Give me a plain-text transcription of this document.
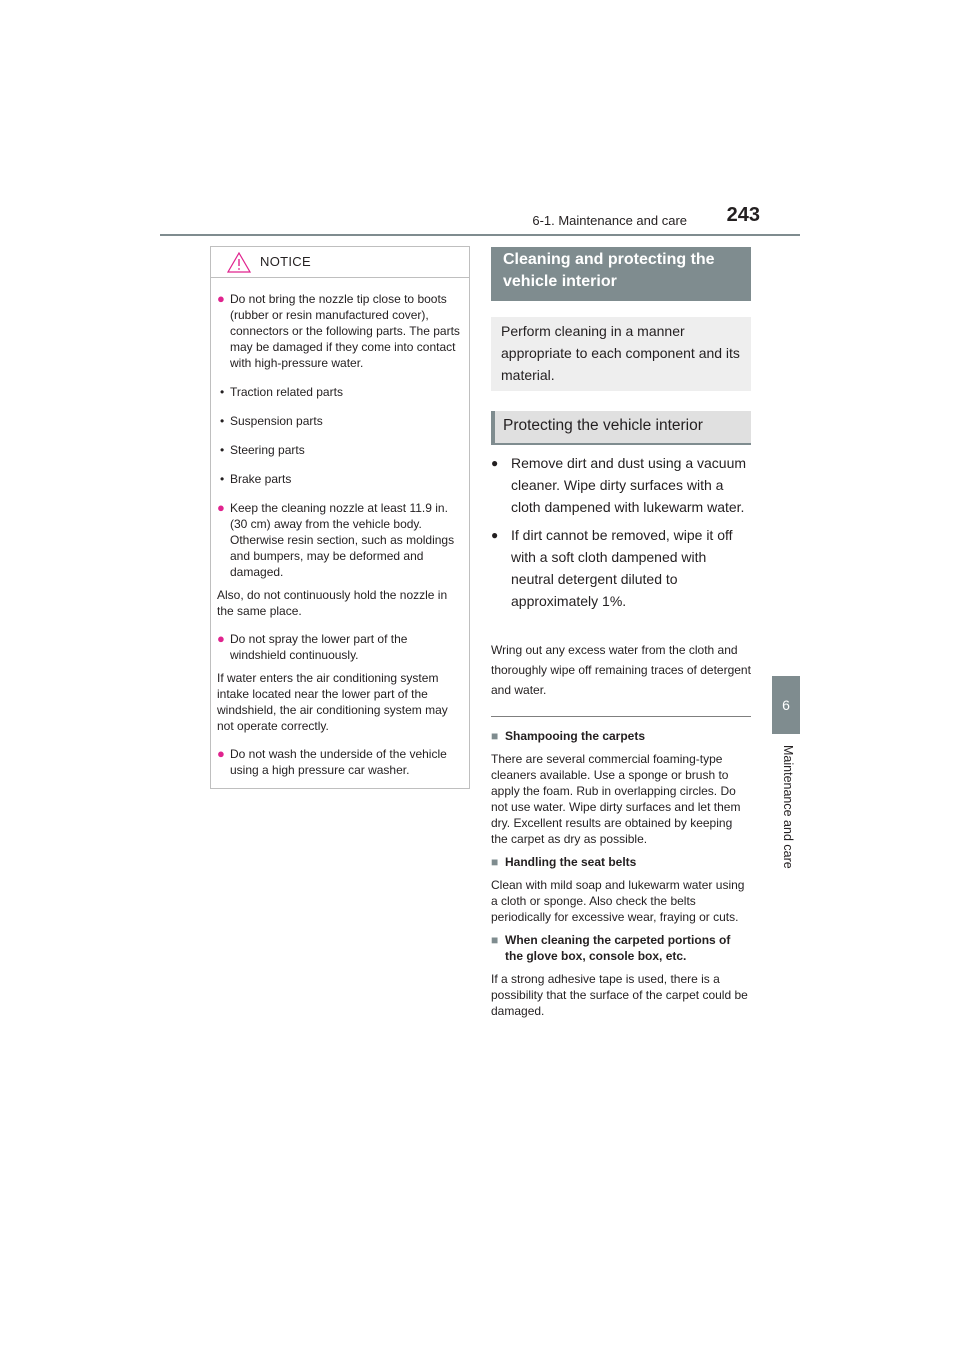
6-1. Maintenance and care 243
6
Maintenance and care
NOTICE
● Do not bring the nozzle tip close to boots (rubber or resin manufactured cover), connectors or the following parts. The parts may be damaged if they come into contact with high-pressure water.
• Traction related parts
• Suspension parts
• Steering parts
• Brake parts
● Keep the cleaning nozzle at least 11.9 in. (30 cm) away from the vehicle body. Otherwise resin section, such as moldings and bumpers, may be deformed and damaged.
Also, do not continuously hold the nozzle in the same place.
● Do not spray the lower part of the windshield continuously.
If water enters the air conditioning system intake located near the lower part of the windshield, the air conditioning system may not operate correctly.
● Do not wash the underside of the vehicle using a high pressure car washer.
Cleaning and protecting the vehicle interior
Perform cleaning in a manner appropriate to each component and its material.
Protecting the vehicle interior
● Remove dirt and dust using a vacuum cleaner. Wipe dirty surfaces with a cloth dampened with lukewarm water.
● If dirt cannot be removed, wipe it off with a soft cloth dampened with neutral detergent diluted to approximately 1%.
Wring out any excess water from the cloth and thoroughly wipe off remaining traces of detergent and water.
■ Shampooing the carpets
There are several commercial foaming-type cleaners available. Use a sponge or brush to apply the foam. Rub in overlapping circles. Do not use water. Wipe dirty surfaces and let them dry. Excellent results are obtained by keeping the carpet as dry as possible.
■ Handling the seat belts
Clean with mild soap and lukewarm water using a cloth or sponge. Also check the belts periodically for excessive wear, fraying or cuts.
■ When cleaning the carpeted portions of the glove box, console box, etc.
If a strong adhesive tape is used, there is a possibility that the surface of the carpet could be damaged.
